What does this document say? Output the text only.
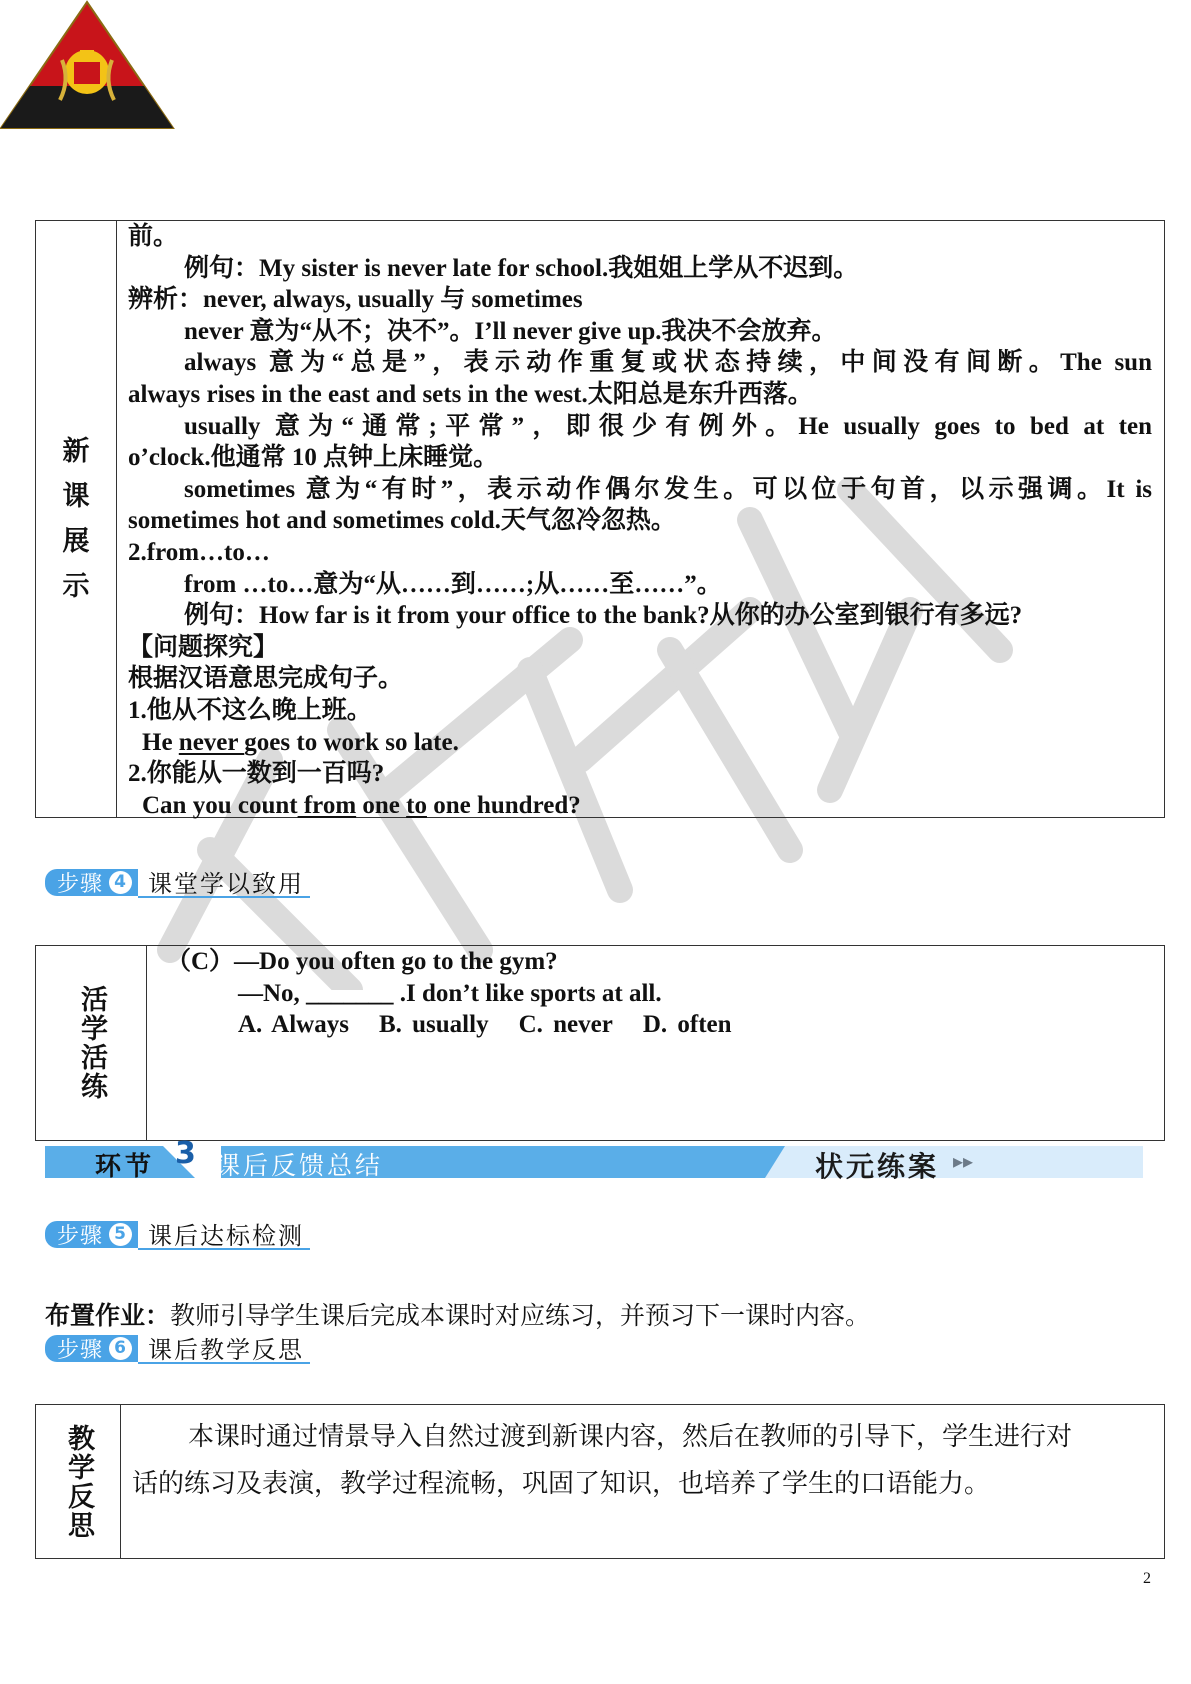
新
课
展
示
前。
例句：My sister is never late for school.我姐姐上学从不迟到。
辨析：never, always, usually 与 sometimes
never 意为“从不；决不”。I’ll never give up.我决不会放弃。
always 意为“总是”，表示动作重复或状态持续，中间没有间断。The sun
always rises in the east and sets in the west.太阳总是东升西落。
usually 意为“通常;平常”，即很少有例外。He usually goes to bed at ten
o’clock.他通常 10 点钟上床睡觉。
sometimes 意为“有时”，表示动作偶尔发生。可以位于句首，以示强调。It is
sometimes hot and sometimes cold.天气忽冷忽热。
2.from…to…
from …to…意为“从……到……;从……至……”。
例句：How far is it from your office to the bank?从你的办公室到银行有多远?
【问题探究】
根据汉语意思完成句子。
1.他从不这么晚上班。
He never goes to work so late.
2.你能从一数到一百吗?
Can you count from one to one hundred?
步骤 4 课堂学以致用
活学活练
（C）—Do you often go to the gym?
—No, _______ .I don’t like sports at all.
A. Always B. usually C. never D. often
环节 3 课后反馈总结	状元练案 ▸▸
步骤 5 课后达标检测
布置作业：教师引导学生课后完成本课时对应练习，并预习下一课时内容。
步骤 6 课后教学反思
教学反思	本课时通过情景导入自然过渡到新课内容，然后在教师的引导下，学生进行对
话的练习及表演，教学过程流畅，巩固了知识，也培养了学生的口语能力。
2
